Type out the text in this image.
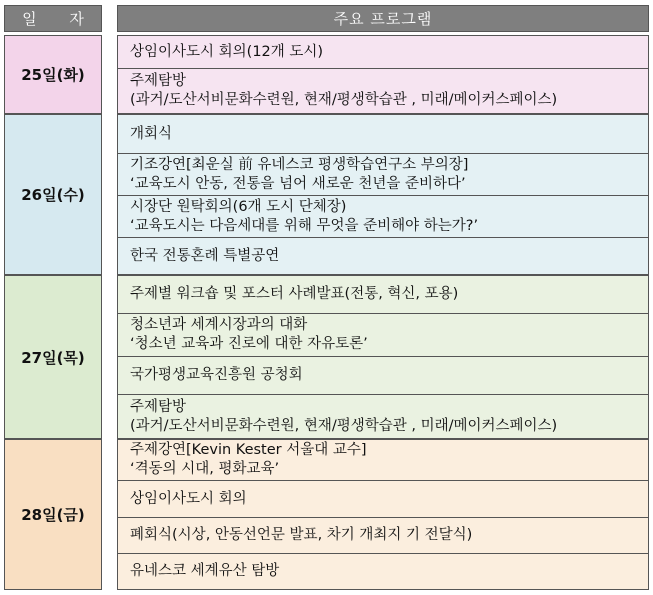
일 자	주요 프로그램
25일(화)
상임이사도시 회의(12개 도시)
주제탐방
(과거/도산서비문화수련원, 현재/평생학습관 , 미래/메이커스페이스)
26일(수)
개회식
기조강연[최운실 前 유네스코 평생학습연구소 부의장]
‘교육도시 안동, 전통을 넘어 새로운 천년을 준비하다’
시장단 원탁회의(6개 도시 단체장)
‘교육도시는 다음세대를 위해 무엇을 준비해야 하는가?’
한국 전통혼례 특별공연
27일(목)
주제별 워크숍 및 포스터 사례발표(전통, 혁신, 포용)
청소년과 세계시장과의 대화
‘청소년 교육과 진로에 대한 자유토론’
국가평생교육진흥원 공청회
주제탐방
(과거/도산서비문화수련원, 현재/평생학습관 , 미래/메이커스페이스)
28일(금)
주제강연[Kevin Kester 서울대 교수]
‘격동의 시대, 평화교육’
상임이사도시 회의
폐회식(시상, 안동선언문 발표, 차기 개최지 기 전달식)
유네스코 세계유산 탐방
